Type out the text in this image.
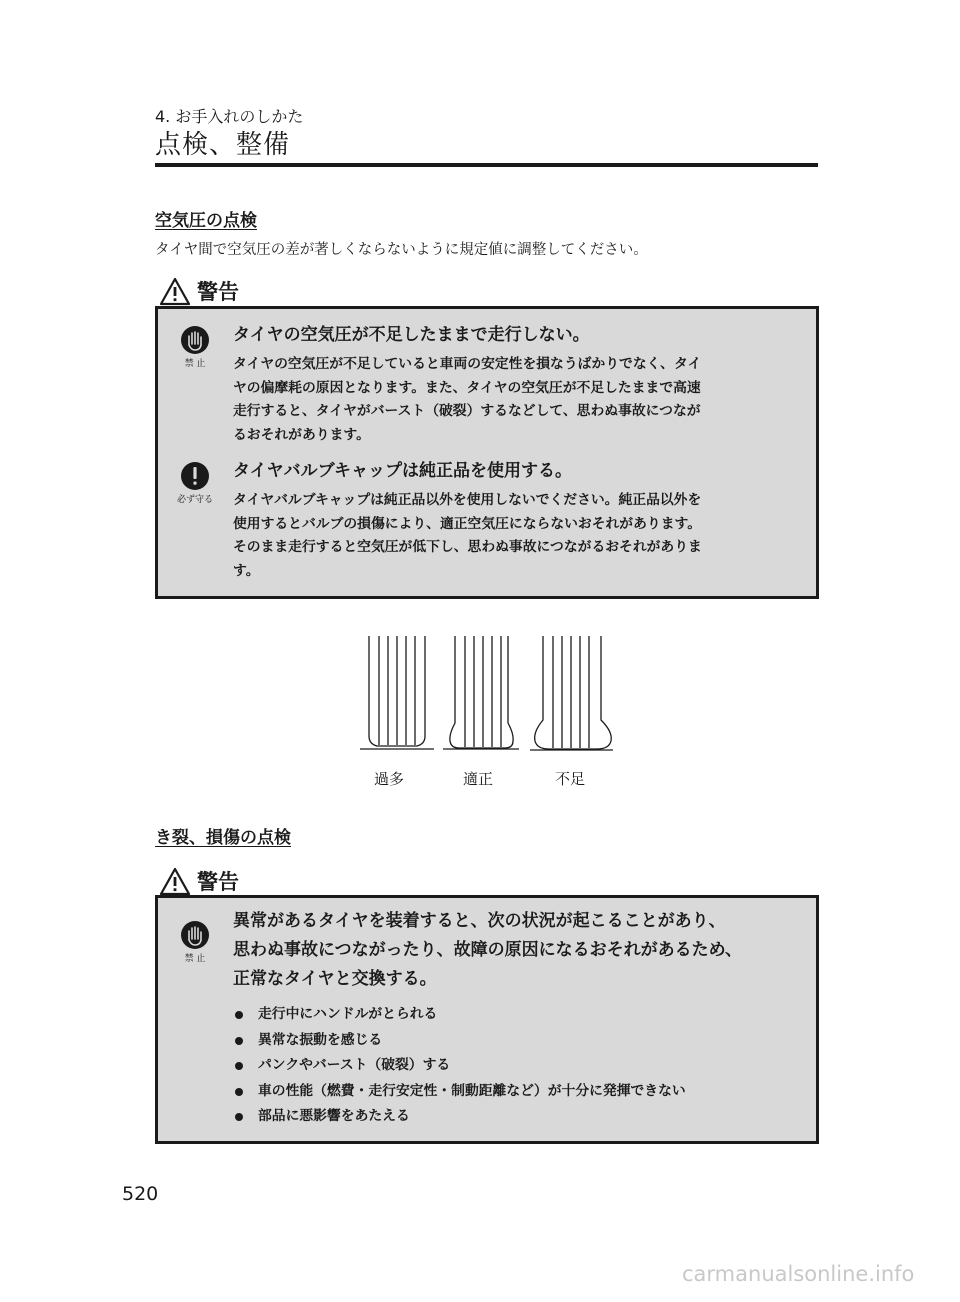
4. お手入れのしかた
点検、整備
空気圧の点検
タイヤ間で空気圧の差が著しくならないように規定値に調整してください。
警告
禁 止
タイヤの空気圧が不足したままで走行しない。
タイヤの空気圧が不足していると車両の安定性を損なうばかりでなく、タイ
ヤの偏摩耗の原因となります。また、タイヤの空気圧が不足したままで高速
走行すると、タイヤがバースト（破裂）するなどして、思わぬ事故につなが
るおそれがあります。
必ず守る
タイヤバルブキャップは純正品を使用する。
タイヤバルブキャップは純正品以外を使用しないでください。純正品以外を
使用するとバルブの損傷により、適正空気圧にならないおそれがあります。
そのまま走行すると空気圧が低下し、思わぬ事故につながるおそれがありま
す。
過多	適正	不足
き裂、損傷の点検
警告
禁 止
異常があるタイヤを装着すると、次の状況が起こることがあり、
思わぬ事故につながったり、故障の原因になるおそれがあるため、
正常なタイヤと交換する。
走行中にハンドルがとられる
異常な振動を感じる
パンクやバースト（破裂）する
車の性能（燃費・走行安定性・制動距離など）が十分に発揮できない
部品に悪影響をあたえる
520
carmanualsonline.info
